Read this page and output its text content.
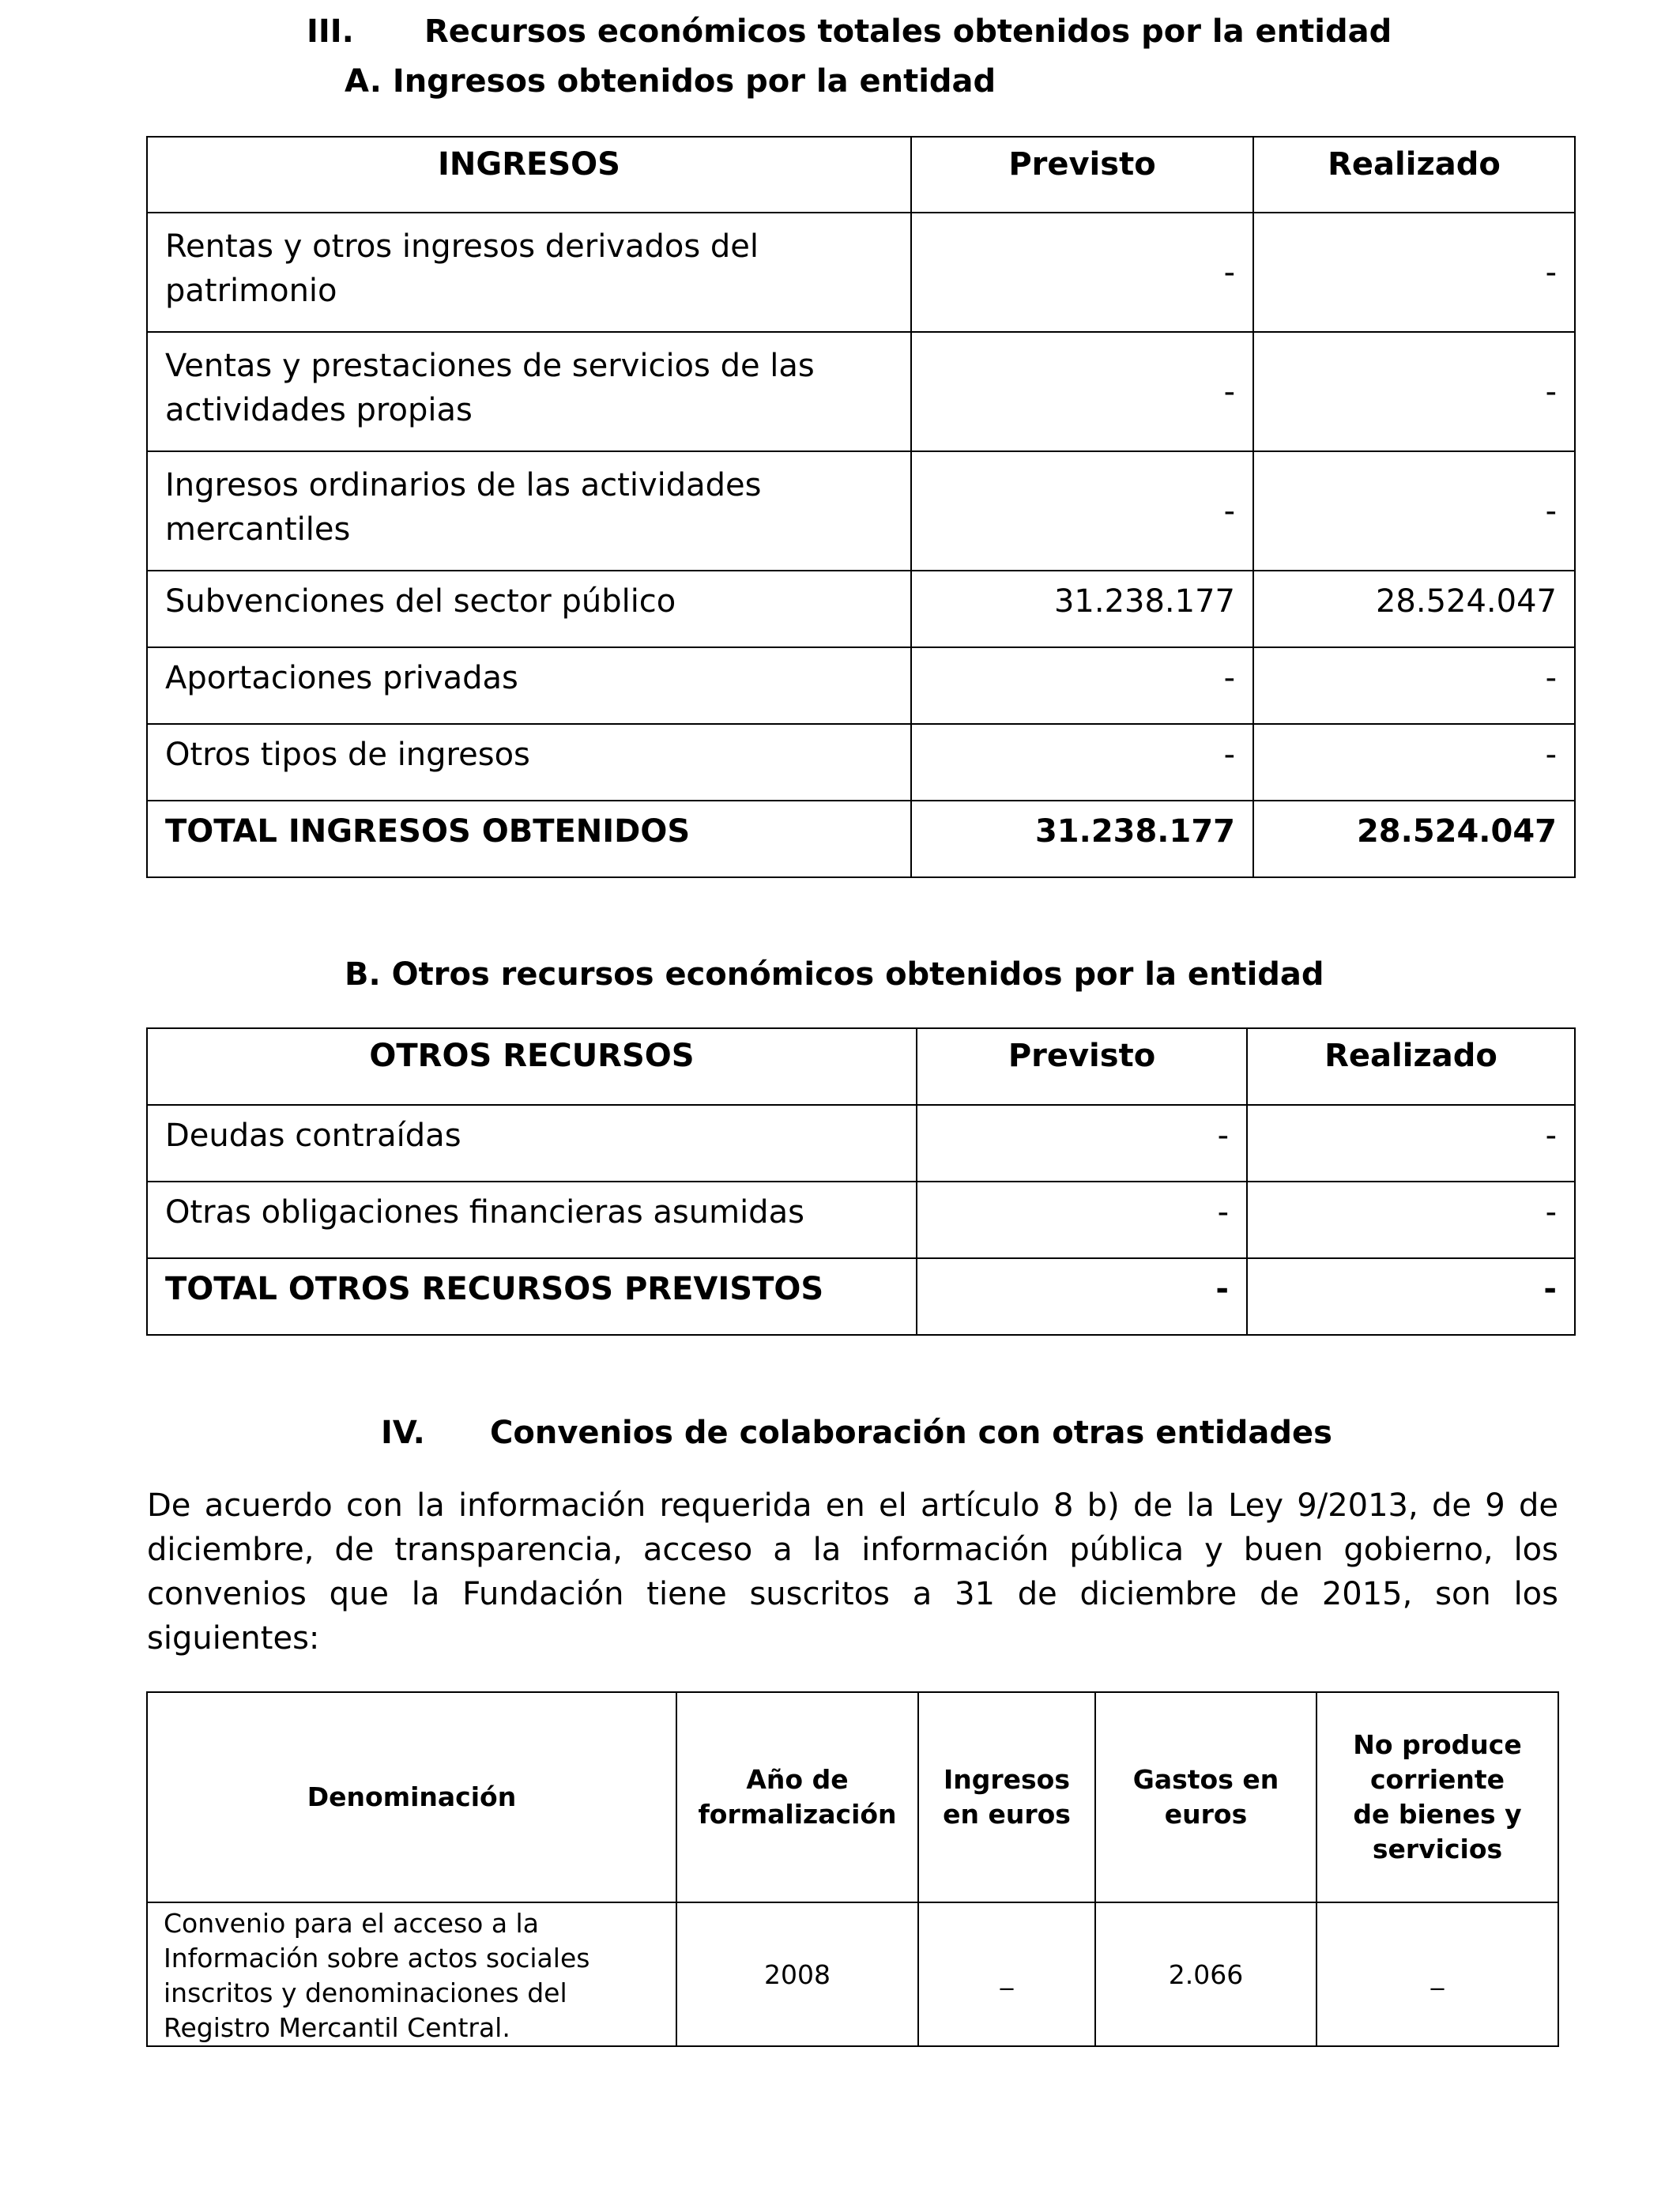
III. Recursos económicos totales obtenidos por la entidad
A. Ingresos obtenidos por la entidad
INGRESOS	Previsto	Realizado
Rentas y otros ingresos derivados del patrimonio	-	-
Ventas y prestaciones de servicios de las actividades propias	-	-
Ingresos ordinarios de las actividades mercantiles	-	-
Subvenciones del sector público	31.238.177	28.524.047
Aportaciones privadas	-	-
Otros tipos de ingresos	-	-
TOTAL INGRESOS OBTENIDOS	31.238.177	28.524.047
B. Otros recursos económicos obtenidos por la entidad
OTROS RECURSOS	Previsto	Realizado
Deudas contraídas	-	-
Otras obligaciones financieras asumidas	-	-
TOTAL OTROS RECURSOS PREVISTOS	-	-
IV. Convenios de colaboración con otras entidades
De acuerdo con la información requerida en el artículo 8 b) de la Ley 9/2013, de 9 de diciembre, de transparencia, acceso a la información pública y buen gobierno, los convenios que la Fundación tiene suscritos a 31 de diciembre de 2015, son los siguientes:
Denominación	Año de formalización	Ingresos en euros	Gastos en euros	No produce corriente de bienes y servicios
Convenio para el acceso a la Información sobre actos sociales inscritos y denominaciones del Registro Mercantil Central.	2008	_	2.066	_
